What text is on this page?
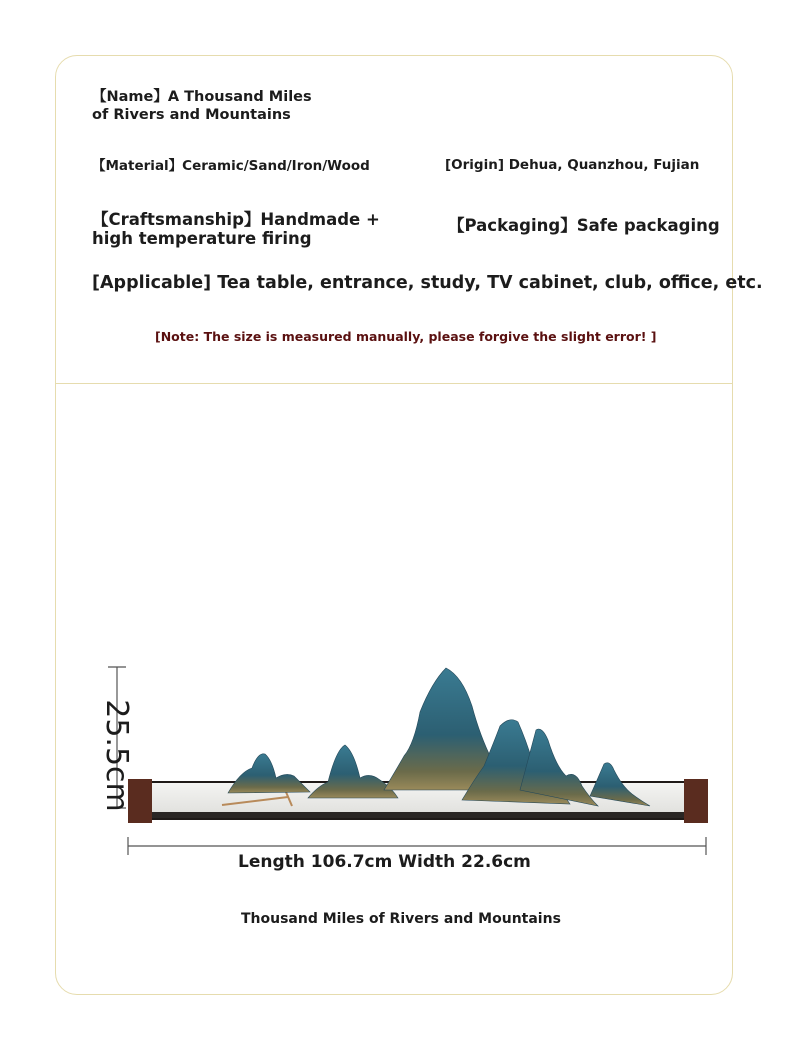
【Name】A Thousand Miles
of Rivers and Mountains
【Material】Ceramic/Sand/Iron/Wood	[Origin] Dehua, Quanzhou, Fujian
【Craftsmanship】Handmade +
high temperature firing
【Packaging】Safe packaging
[Applicable] Tea table, entrance, study, TV cabinet, club, office, etc.
[Note: The size is measured manually, please forgive the slight error! ]
25.5cm
Length 106.7cm Width 22.6cm
Thousand Miles of Rivers and Mountains
